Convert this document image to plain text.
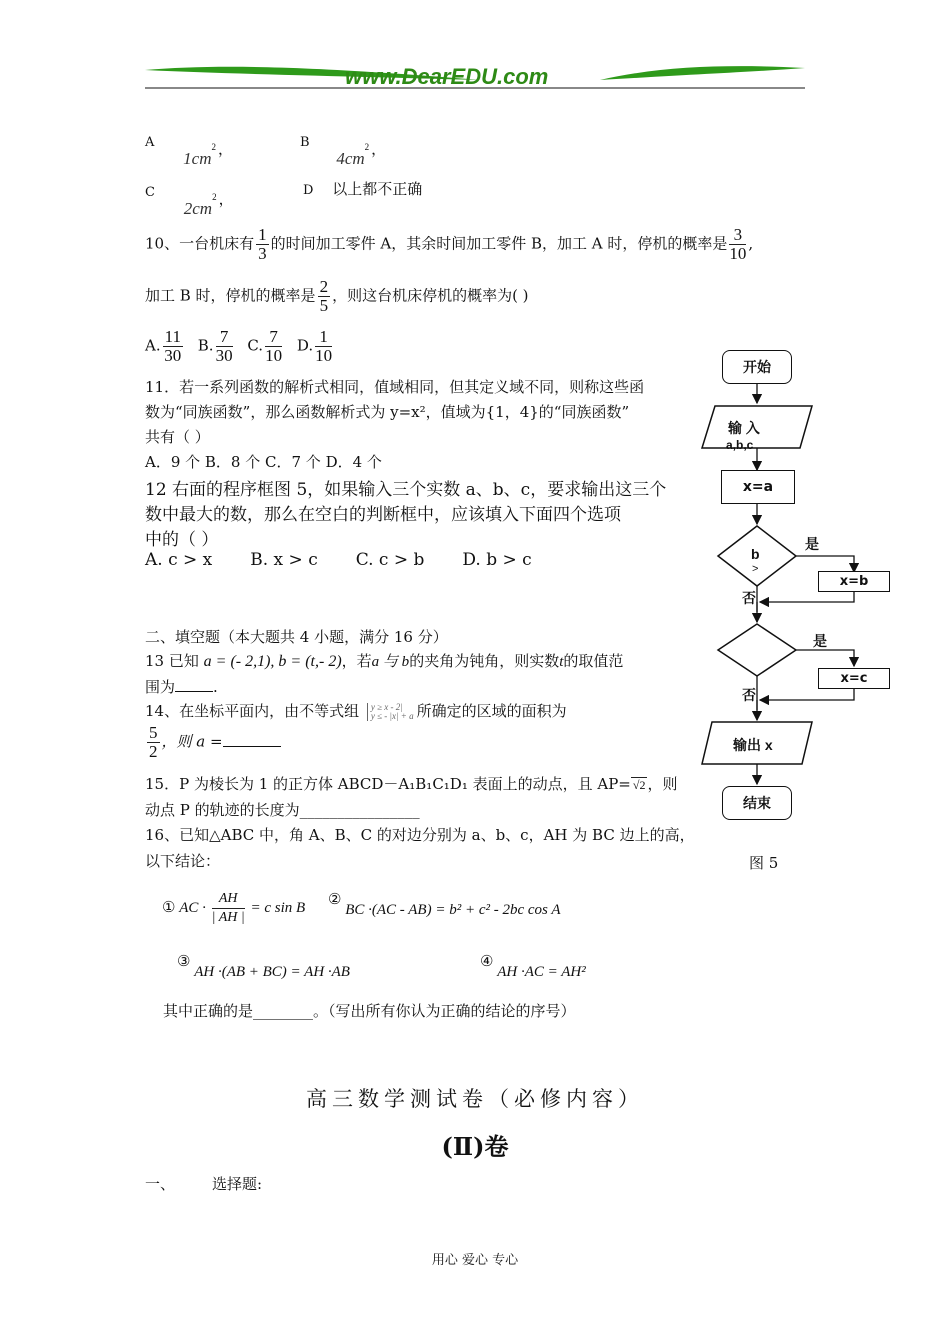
www.DearEDU.com
A $1cm^2$ ，	B $4cm^2$ ，
C $2cm^2$ ，	D 以上都不正确
10、一台机床有 $\frac{1}{3}$ 的时间加工零件 A，其余时间加工零件 B，加工 A 时，停机的概率是 $\frac{3}{10}$ ,
加工 B 时，停机的概率是 $\frac{2}{5}$ ，则这台机床停机的概率为( )
A. $\frac{11}{30} B$. $\frac{7}{30} C$. $\frac{7}{10} D$. $\frac{1}{10}$
11．若一系列函数的解析式相同，值域相同，但其定义域不同，则称这些函
数为“同族函数”，那么函数解析式为 y=x²，值域为{1，4}的“同族函数”
共有（ ）
A．9 个 B．8 个 C．7 个 D．4 个
12 右面的程序框图 5，如果输入三个实数 a、b、c，要求输出这三个
数中最大的数，那么在空白的判断框中，应该填入下面四个选项
中的（ ）
A. c > x B. x > c C. c > b D. b > c
二、填空题（本大题共 4 小题，满分 16 分）
13 已知 a = (- 2,1), b = (t,- 2)，若a 与 b的夹角为钝角，则实数t的取值范
围为	.
14、在坐标平面内，由不等式组 y ≥ x - 2|
y ≤ - |x| + a 所确定的区域的面积为
$\frac{5}{2}$ ，则 a =
15．P 为棱长为 1 的正方体 ABCD－A₁B₁C₁D₁ 表面上的动点，且 AP= √2 ，则
动点 P 的轨迹的长度为________________
16、已知△ABC 中，角 A、B、C 的对边分别为 a、b、c，AH 为 BC 边上的高，
以下结论：
① AC · $\frac{AH}{| AH |} = c$ sin B ② BC ·(AC - AB) = b² + c² - 2bc cos A
③ AH ·(AB + BC) = AH ·AB
④ AH ·AC = AH²
其中正确的是________。（写出所有你认为正确的结论的序号）
开始
输 入
a,b,c
x=a
b
>
是
否
x=b
是
否
x=c
输出 x
结束
图 5
高三数学测试卷（必修内容）
(Ⅱ)卷
一、 选择题:
用心 爱心 专心
